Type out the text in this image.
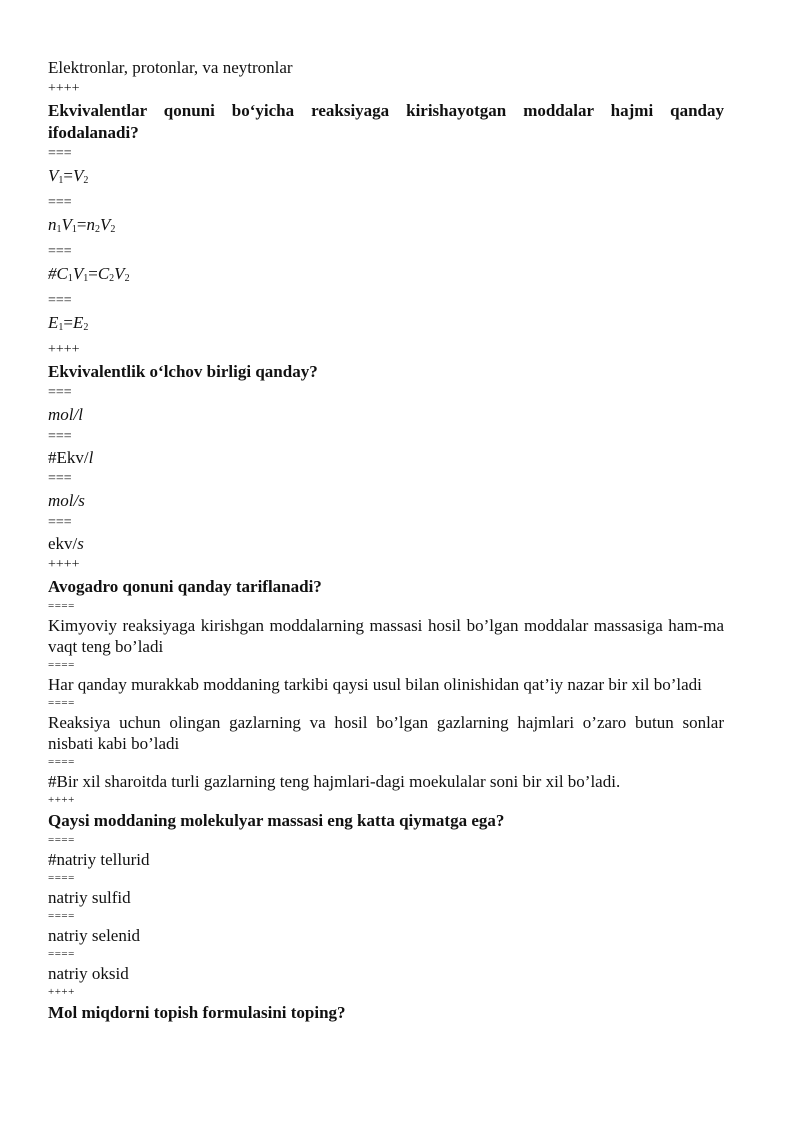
Elektronlar, protonlar, va neytronlar
++++
Ekvivalentlar qonuni bo‘yicha reaksiyaga kirishayotgan moddalar hajmi qanday ifodalanadi?
===
$V_1=V_2$
===
$n_1V_1=n_2V_2$
===
$\#C_1V_1=C_2V_2$
===
$E_1=E_2$
++++
Ekvivalentlik o‘lchov birligi qanday?
===
mol/l
===
#Ekv/l
===
mol/s
===
ekv/s
++++
Avogadro qonuni qanday tariflanadi?
====
Kimyoviy reaksiyaga kirishgan moddalarning massasi hosil bo’lgan moddalar massasiga ham-ma vaqt teng bo’ladi
====
Har qanday murakkab moddaning tarkibi qaysi usul bilan olinishidan qat’iy nazar bir xil bo’ladi
====
Reaksiya uchun olingan gazlarning va hosil bo’lgan gazlarning hajmlari o’zaro butun sonlar nisbati kabi bo’ladi
====
#Bir xil sharoitda turli gazlarning teng hajmlari-dagi moekulalar soni bir xil bo’ladi.
++++
Qaysi moddaning molekulyar massasi eng katta qiymatga ega?
====
#natriy tellurid
====
natriy sulfid
====
natriy selenid
====
natriy oksid
++++
Mol miqdorni topish formulasini toping?
